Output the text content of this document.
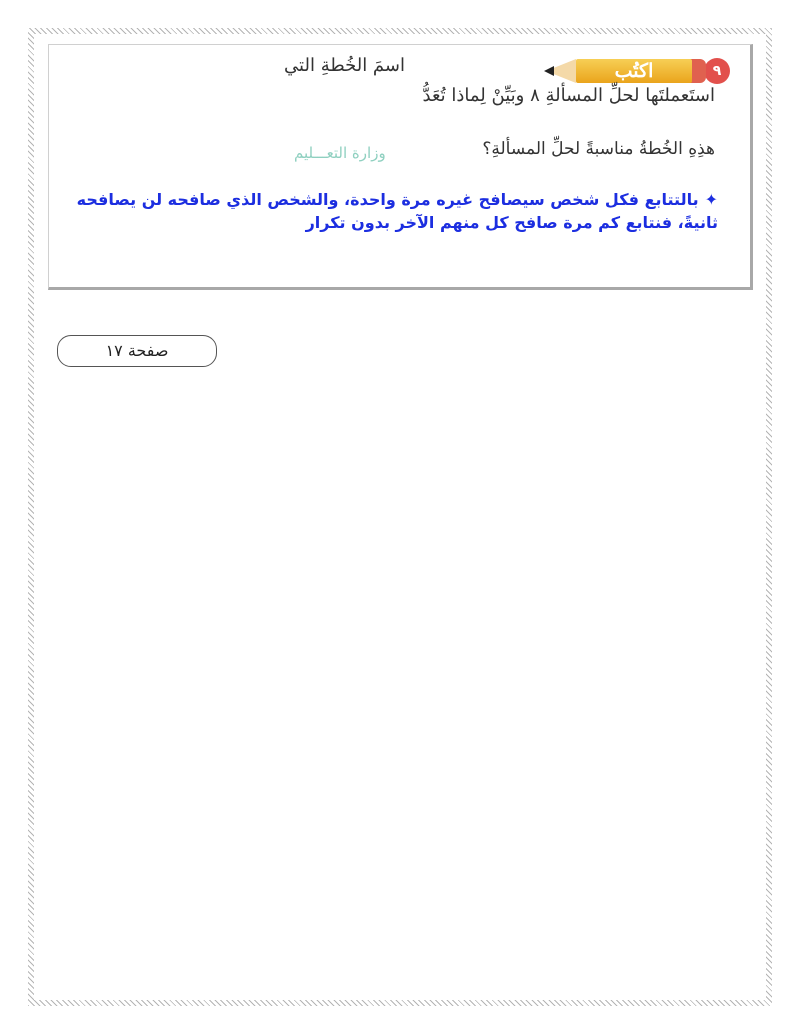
٩
اكتُب
اسمَ الخُطةِ التي
استَعملتَها لحلِّ المسألةِ ٨ وبَيِّنْ لِماذا تُعَدُّ
هذِهِ الخُطةُ مناسبةً لحلِّ المسألةِ؟
وزارة التعـــليم
✦بالتتابع فكل شخص سيصافح غيره مرة واحدة، والشخص الذي صافحه لن يصافحه ثانيةً، فنتابع كم مرة صافح كل منهم الآخر بدون تكرار
صفحة ١٧
